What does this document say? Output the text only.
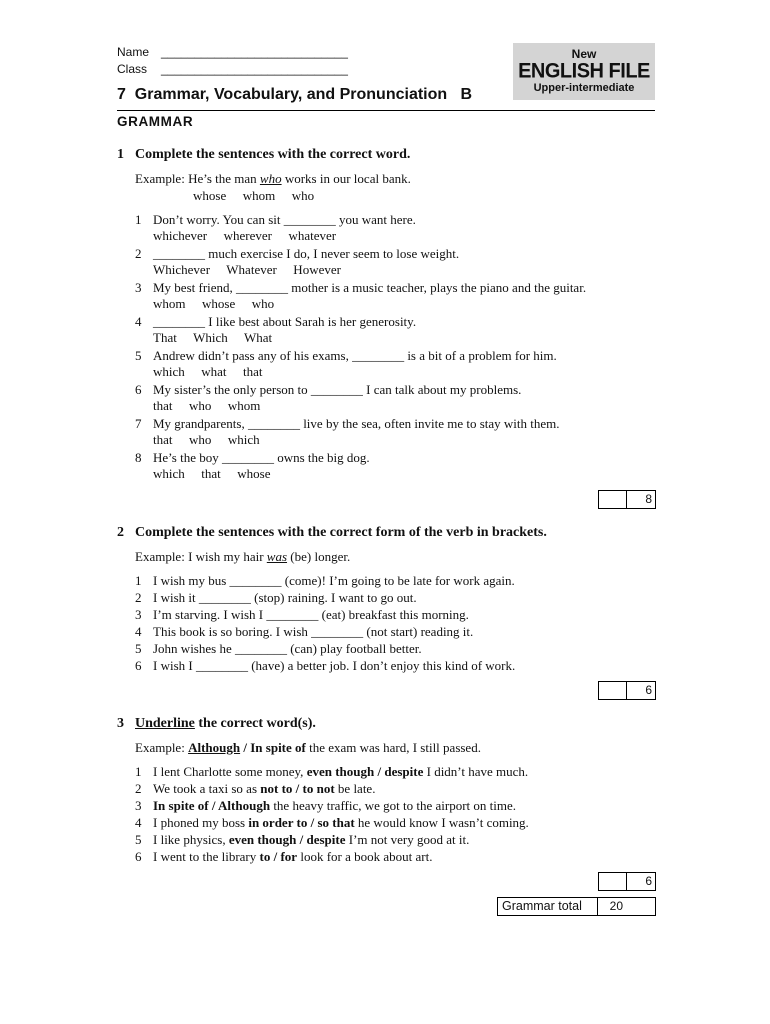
Name ____________________________
Class ____________________________
New
ENGLISH FILE
Upper-intermediate
7  Grammar, Vocabulary, and Pronunciation   B
GRAMMAR
1 Complete the sentences with the correct word.
Example: He’s the man who works in our local bank.
whose  whom  who
1 Don’t worry. You can sit ________ you want here.
whichever  wherever  whatever
2 ________ much exercise I do, I never seem to lose weight.
Whichever  Whatever  However
3 My best friend, ________ mother is a music teacher, plays the piano and the guitar.
whom  whose  who
4 ________ I like best about Sarah is her generosity.
That  Which  What
5 Andrew didn’t pass any of his exams, ________ is a bit of a problem for him.
which  what  that
6 My sister’s the only person to ________ I can talk about my problems.
that  who  whom
7 My grandparents, ________ live by the sea, often invite me to stay with them.
that  who  which
8 He’s the boy ________ owns the big dog.
which  that  whose
8
2 Complete the sentences with the correct form of the verb in brackets.
Example: I wish my hair was (be) longer.
1 I wish my bus ________ (come)! I’m going to be late for work again.
2 I wish it ________ (stop) raining. I want to go out.
3 I’m starving. I wish I ________ (eat) breakfast this morning.
4 This book is so boring. I wish ________ (not start) reading it.
5 John wishes he ________ (can) play football better.
6 I wish I ________ (have) a better job. I don’t enjoy this kind of work.
6
3 Underline the correct word(s).
Example: Although / In spite of the exam was hard, I still passed.
1 I lent Charlotte some money, even though / despite I didn’t have much.
2 We took a taxi so as not to / to not be late.
3 In spite of / Although the heavy traffic, we got to the airport on time.
4 I phoned my boss in order to / so that he would know I wasn’t coming.
5 I like physics, even though / despite I’m not very good at it.
6 I went to the library to / for look for a book about art.
6
Grammar total	20
